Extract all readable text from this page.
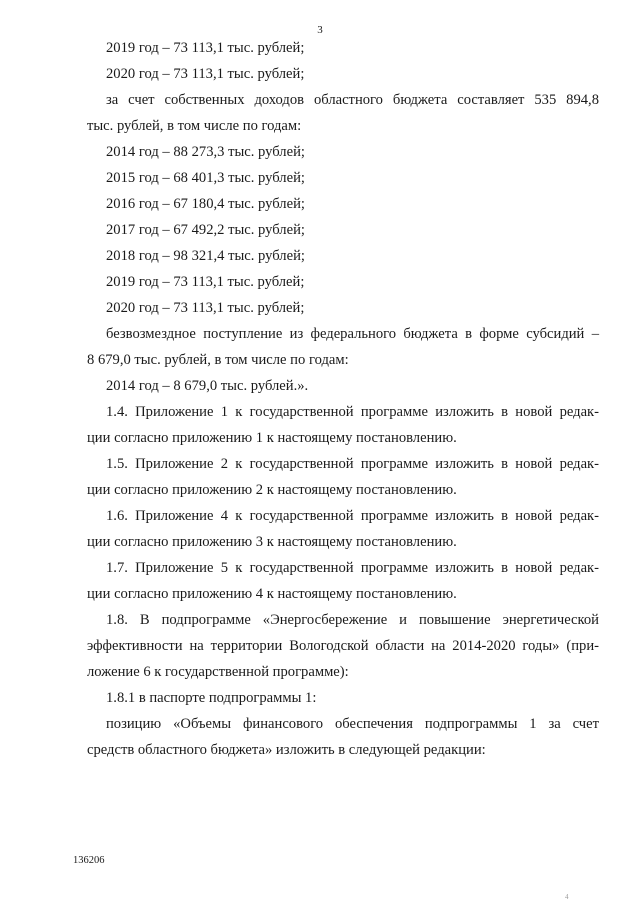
3
2019 год – 73 113,1 тыс. рублей;
2020 год – 73 113,1 тыс. рублей;
за счет собственных доходов областного бюджета составляет 535 894,8
тыс. рублей, в том числе по годам:
2014 год – 88 273,3 тыс. рублей;
2015 год – 68 401,3 тыс. рублей;
2016 год – 67 180,4 тыс. рублей;
2017 год – 67 492,2 тыс. рублей;
2018 год – 98 321,4 тыс. рублей;
2019 год – 73 113,1 тыс. рублей;
2020 год – 73 113,1 тыс. рублей;
безвозмездное поступление из федерального бюджета в форме субсидий –
8 679,0 тыс. рублей, в том числе по годам:
2014 год – 8 679,0 тыс. рублей.».
1.4. Приложение 1 к государственной программе изложить в новой редак-
ции согласно приложению 1 к настоящему постановлению.
1.5. Приложение 2 к государственной программе изложить в новой редак-
ции согласно приложению 2 к настоящему постановлению.
1.6. Приложение 4 к государственной программе изложить в новой редак-
ции согласно приложению 3 к настоящему постановлению.
1.7. Приложение 5 к государственной программе изложить в новой редак-
ции согласно приложению 4 к настоящему постановлению.
1.8. В подпрограмме «Энергосбережение и повышение энергетической
эффективности на территории Вологодской области на 2014-2020 годы» (при-
ложение 6 к государственной программе):
1.8.1 в паспорте подпрограммы 1:
позицию «Объемы финансового обеспечения подпрограммы 1 за счет
средств областного бюджета» изложить в следующей редакции:
136206
4
